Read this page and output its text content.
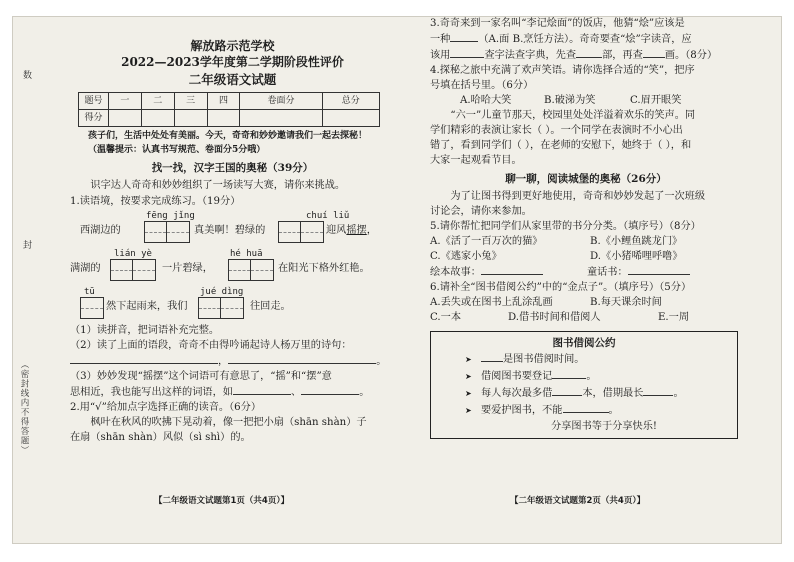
数
封
（密封线内不得答题）
解放路示范学校
2022—2023学年度第二学期阶段性评价
二年级语文试题
题号	一	二	三	四	卷面分	总分
得分						
孩子们，生活中处处有美丽。今天，奇奇和妙妙邀请我们一起去探秘！
（温馨提示：认真书写规范、卷面分5分哦）
找一找，汉字王国的奥秘（39分）
识字达人奇奇和妙妙组织了一场读写大赛，请你来挑战。
1.读语境，按要求完成练习。（19分）
fēng jǐng	chuí liǔ
西湖边的	真美啊！碧绿的	迎风摇摆，
lián yè	hé huā
满湖的	一片碧绿，	在阳光下格外红艳。
tū	jué dìng
然下起雨来，我们	往回走。
（1）读拼音，把词语补充完整。
（2）读了上面的语段，奇奇不由得吟诵起诗人杨万里的诗句：
，	。
（3）妙妙发现“摇摆”这个词语可有意思了，“摇”和“摆”意
思相近，我也能写出这样的词语，如	、	。
2.用“√”给加点字选择正确的读音。（6分）
枫叶在秋风的吹拂下晃动着，像一把把小扇（shān shàn）子
在扇（shān shàn）风似（sì shì）的。
【二年级语文试题第1页（共4页）】
3.奇奇来到一家名叫“李记烩面”的饭店，他猜“烩”应该是
一种	（A.面 B.烹饪方法）。奇奇要查“烩”字读音，应
该用	查字法查字典，先查	部，再查 画。（8分）
4.探秘之旅中充满了欢声笑语。请你选择合适的“笑”，把序
号填在括号里。（6分）
A.哈哈大笑	B.破涕为笑	C.眉开眼笑
“六一”儿童节那天，校园里处处洋溢着欢乐的笑声。同
学们精彩的表演让家长（ ）。一个同学在表演时不小心出
错了，看到同学们（ ），在老师的安慰下，她终于（ ），和
大家一起观看节目。
聊一聊，阅读城堡的奥秘（26分）
为了让图书得到更好地使用，奇奇和妙妙发起了一次班级
讨论会，请你来参加。
5.请你帮忙把同学们从家里带的书分分类。（填序号）（8分）
A.《活了一百万次的猫》	B.《小鲤鱼跳龙门》
C.《逃家小兔》	D.《小猪唏哩呼噜》
绘本故事：	童话书：
6.请补全“图书借阅公约”中的“金点子”。（填序号）（5分）
A.丢失或在图书上乱涂乱画	B.每天课余时间
C.一本	D.借书时间和借阅人	E.一周
图书借阅公约
➤	是图书借阅时间。
➤ 借阅图书要登记	。
➤ 每人每次最多借	本，借期最长	。
➤ 要爱护图书，不能	。
分享图书等于分享快乐!
【二年级语文试题第2页（共4页）】
